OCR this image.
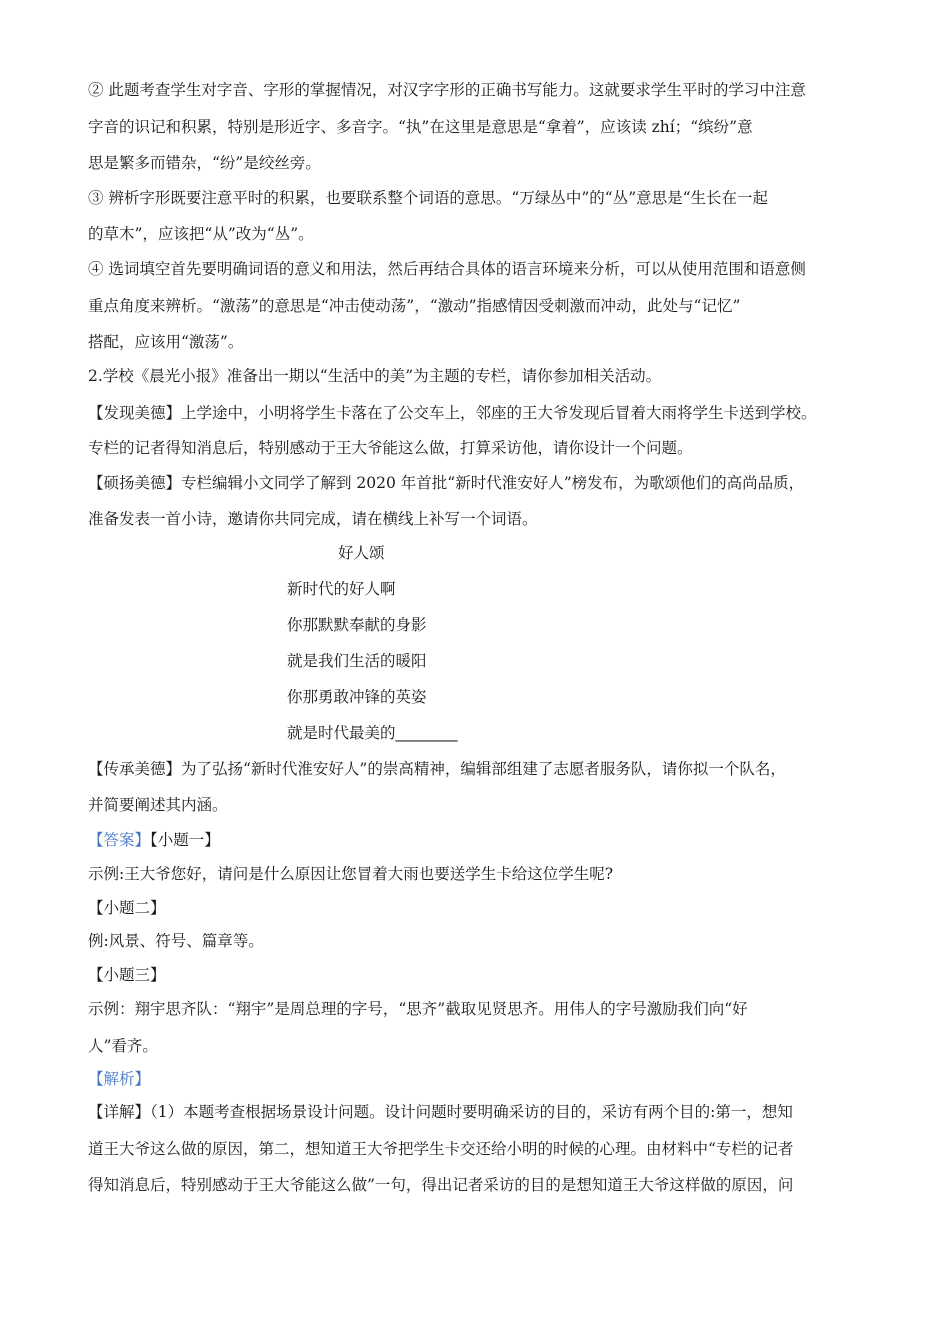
② 此题考查学生对字音、字形的掌握情况，对汉字字形的正确书写能力。这就要求学生平时的学习中注意
字音的识记和积累，特别是形近字、多音字。“执”在这里是意思是“拿着”，应该读 zhí；“缤纷”意
思是繁多而错杂，“纷”是绞丝旁。
③ 辨析字形既要注意平时的积累，也要联系整个词语的意思。“万绿丛中”的“丛”意思是“生长在一起
的草木”，应该把“从”改为“丛”。
④ 选词填空首先要明确词语的意义和用法，然后再结合具体的语言环境来分析，可以从使用范围和语意侧
重点角度来辨析。“激荡”的意思是“冲击使动荡”，“激动”指感情因受刺激而冲动，此处与“记忆”
搭配，应该用“激荡”。
2.学校《晨光小报》准备出一期以“生活中的美”为主题的专栏，请你参加相关活动。
【发现美德】上学途中，小明将学生卡落在了公交车上，邻座的王大爷发现后冒着大雨将学生卡送到学校。
专栏的记者得知消息后，特别感动于王大爷能这么做，打算采访他，请你设计一个问题。
【硕扬美德】专栏编辑小文同学了解到 2020 年首批“新时代淮安好人”榜发布，为歌颂他们的高尚品质，
准备发表一首小诗，邀请你共同完成，请在横线上补写一个词语。
好人颂
新时代的好人啊
你那默默奉献的身影
就是我们生活的暖阳
你那勇敢冲锋的英姿
就是时代最美的________
【传承美德】为了弘扬“新时代淮安好人”的崇高精神，编辑部组建了志愿者服务队，请你拟一个队名，
并简要阐述其内涵。
【答案】【小题一】
示例:王大爷您好，请问是什么原因让您冒着大雨也要送学生卡给这位学生呢?
【小题二】
例:风景、符号、篇章等。
【小题三】
示例：翔宇思齐队：“翔宇”是周总理的字号，“思齐”截取见贤思齐。用伟人的字号激励我们向“好
人”看齐。
【解析】
【详解】（1）本题考查根据场景设计问题。设计问题时要明确采访的目的，采访有两个目的:第一，想知
道王大爷这么做的原因，第二，想知道王大爷把学生卡交还给小明的时候的心理。由材料中“专栏的记者
得知消息后，特别感动于王大爷能这么做”一句，得出记者采访的目的是想知道王大爷这样做的原因，问
